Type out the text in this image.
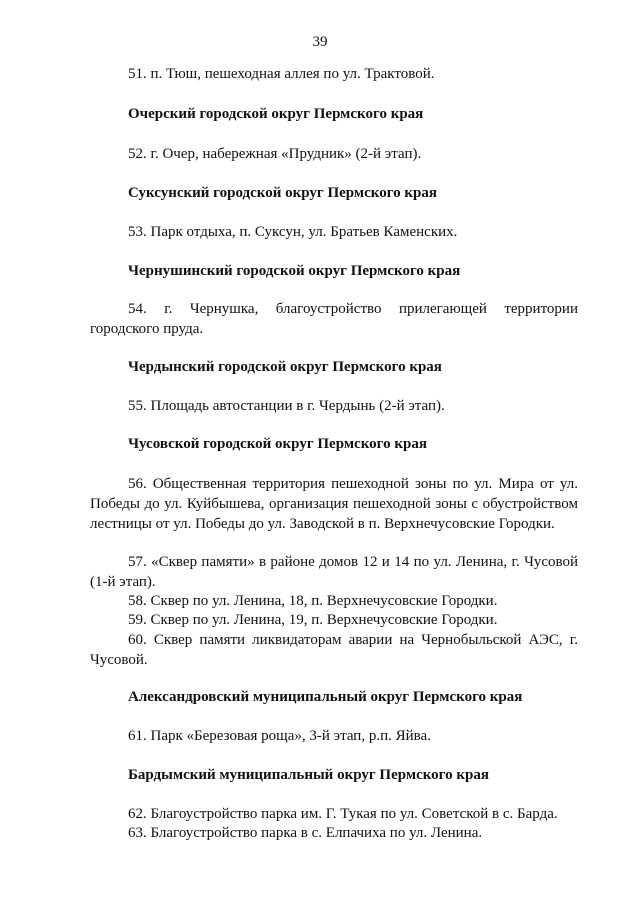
39
51. п. Тюш, пешеходная аллея по ул. Трактовой.
Очерский городской округ Пермского края
52. г. Очер, набережная «Прудник» (2-й этап).
Суксунский городской округ Пермского края
53. Парк отдыха, п. Суксун, ул. Братьев Каменских.
Чернушинский городской округ Пермского края
54. г. Чернушка, благоустройство прилегающей территории городского пруда.
Чердынский городской округ Пермского края
55. Площадь автостанции в г. Чердынь (2-й этап).
Чусовской городской округ Пермского края
56. Общественная территория пешеходной зоны по ул. Мира от ул. Победы до ул. Куйбышева, организация пешеходной зоны с обустройством лестницы от ул. Победы до ул. Заводской в п. Верхнечусовские Городки.
57. «Сквер памяти» в районе домов 12 и 14 по ул. Ленина, г. Чусовой (1-й этап).
58. Сквер по ул. Ленина, 18, п. Верхнечусовские Городки.
59. Сквер по ул. Ленина, 19, п. Верхнечусовские Городки.
60. Сквер памяти ликвидаторам аварии на Чернобыльской АЭС, г. Чусовой.
Александровский муниципальный округ Пермского края
61. Парк «Березовая роща», 3-й этап, р.п. Яйва.
Бардымский муниципальный округ Пермского края
62. Благоустройство парка им. Г. Тукая по ул. Советской в с. Барда.
63. Благоустройство парка в с. Елпачиха по ул. Ленина.
